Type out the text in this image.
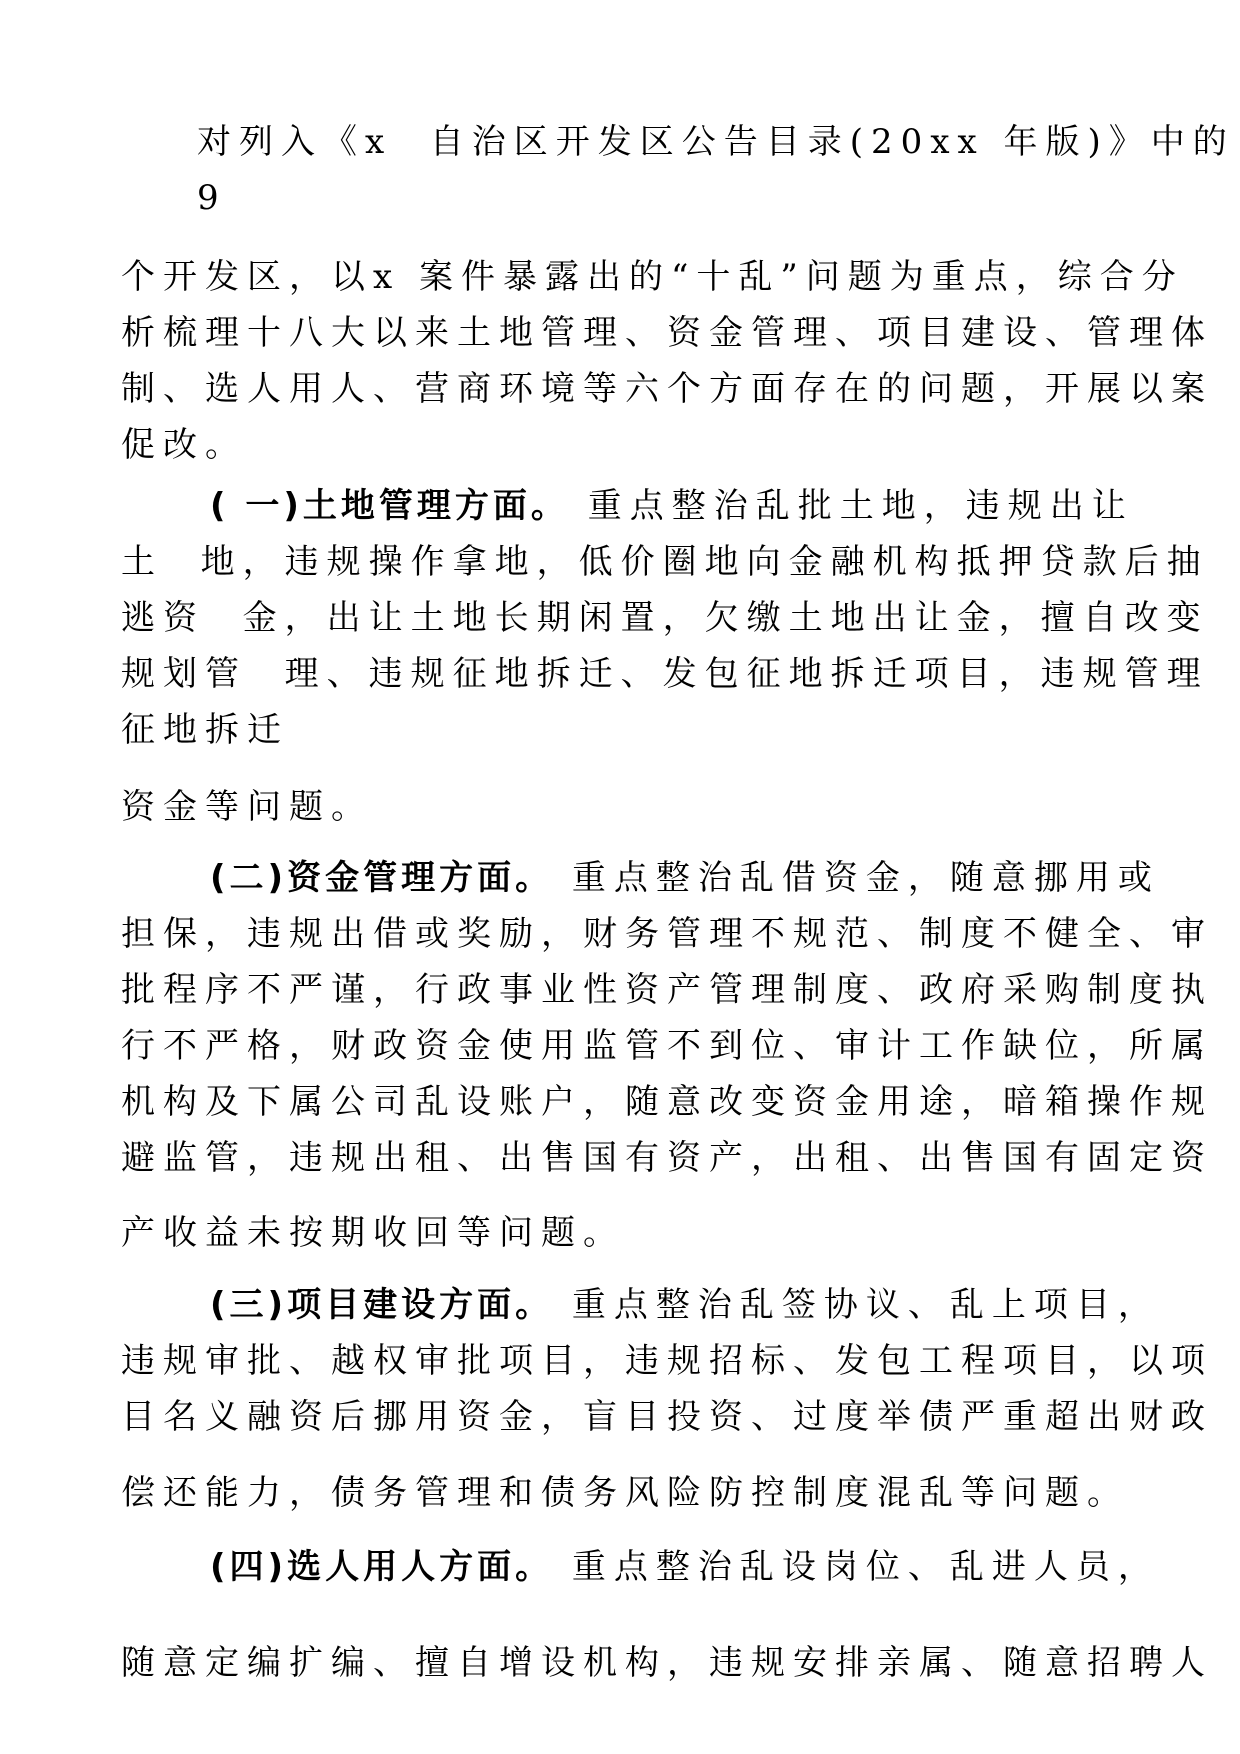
对列入《x  自治区开发区公告目录(20xx 年版)》中的
9
个开发区，以x 案件暴露出的“十乱”问题为重点，综合分
析梳理十八大以来土地管理、资金管理、项目建设、管理体
制、选人用人、营商环境等六个方面存在的问题，开展以案
促改。
( 一)土地管理方面。 重点整治乱批土地，违规出让
土  地，违规操作拿地，低价圈地向金融机构抵押贷款后抽
逃资  金，出让土地长期闲置，欠缴土地出让金，擅自改变
规划管  理、违规征地拆迁、发包征地拆迁项目，违规管理
征地拆迁
资金等问题。
(二)资金管理方面。 重点整治乱借资金，随意挪用或
担保，违规出借或奖励，财务管理不规范、制度不健全、审
批程序不严谨，行政事业性资产管理制度、政府采购制度执
行不严格，财政资金使用监管不到位、审计工作缺位，所属
机构及下属公司乱设账户，随意改变资金用途，暗箱操作规
避监管，违规出租、出售国有资产，出租、出售国有固定资
产收益未按期收回等问题。
(三)项目建设方面。 重点整治乱签协议、乱上项目，
违规审批、越权审批项目，违规招标、发包工程项目，以项
目名义融资后挪用资金，盲目投资、过度举债严重超出财政
偿还能力，债务管理和债务风险防控制度混乱等问题。
(四)选人用人方面。 重点整治乱设岗位、乱进人员，
随意定编扩编、擅自增设机构，违规安排亲属、随意招聘人
